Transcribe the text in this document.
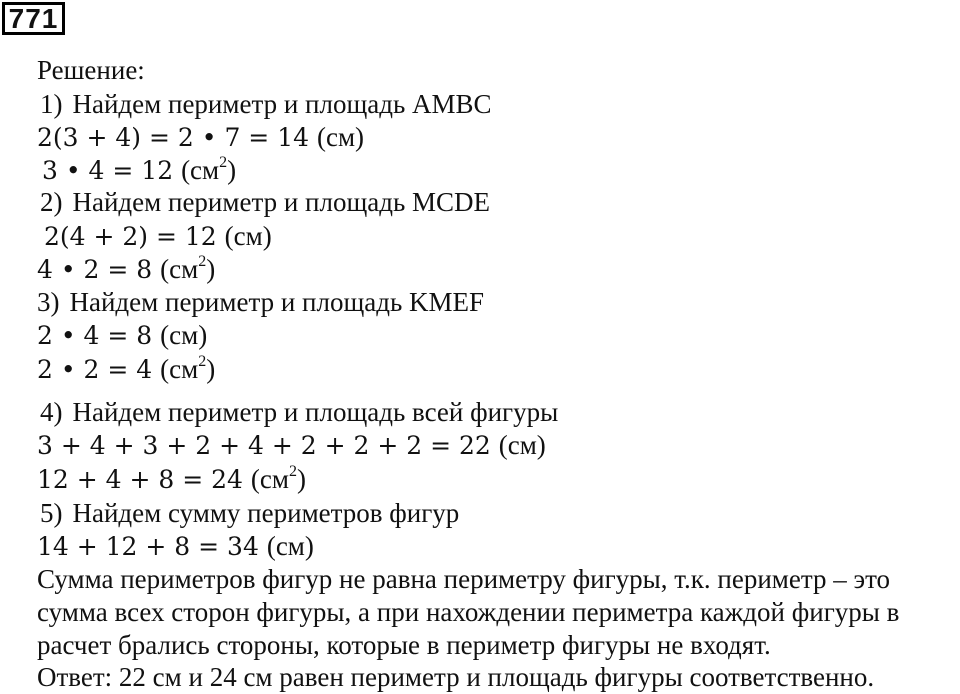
771
Решение:
1) Найдем периметр и площадь AMBC
2(3 + 4) = 2 • 7 = 14 (см)
3 • 4 = 12 $(см^2)$
2) Найдем периметр и площадь MCDE
2(4 + 2) = 12 (см)
4 • 2 = 8 $(см^2)$
3) Найдем периметр и площадь KMEF
2 • 4 = 8 (см)
2 • 2 = 4 $(см^2)$
4) Найдем периметр и площадь всей фигуры
3 + 4 + 3 + 2 + 4 + 2 + 2 + 2 = 22 (см)
12 + 4 + 8 = 24 $(см^2)$
5) Найдем сумму периметров фигур
14 + 12 + 8 = 34 (см)
Сумма периметров фигур не равна периметру фигуры, т.к. периметр – это
сумма всех сторон фигуры, а при нахождении периметра каждой фигуры в
расчет брались стороны, которые в периметр фигуры не входят.
Ответ: 22 см и 24 см равен периметр и площадь фигуры соответственно.
